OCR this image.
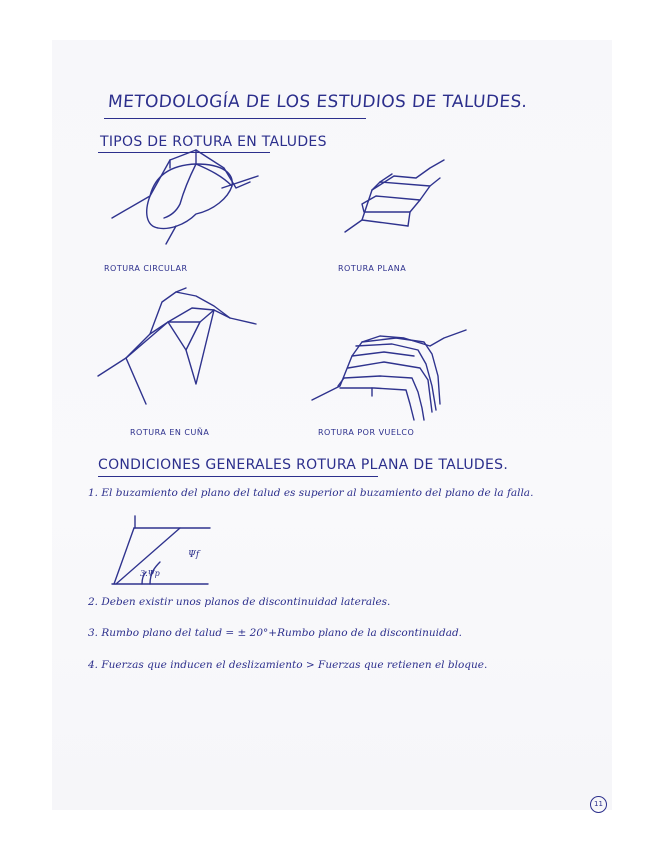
METODOLOGÍA DE LOS ESTUDIOS DE TALUDES.
TIPOS DE ROTURA EN TALUDES
ROTURA CIRCULAR	ROTURA PLANA
ROTURA EN CUÑA	ROTURA POR VUELCO
CONDICIONES GENERALES ROTURA PLANA DE TALUDES.
1. El buzamiento del plano del talud es superior al buzamiento del plano de la falla.
Ψf
3.Ψp
2. Deben existir unos planos de discontinuidad laterales.
3. Rumbo plano del talud = ± 20°+Rumbo plano de la discontinuidad.
4. Fuerzas que inducen el deslizamiento > Fuerzas que retienen el bloque.
11
